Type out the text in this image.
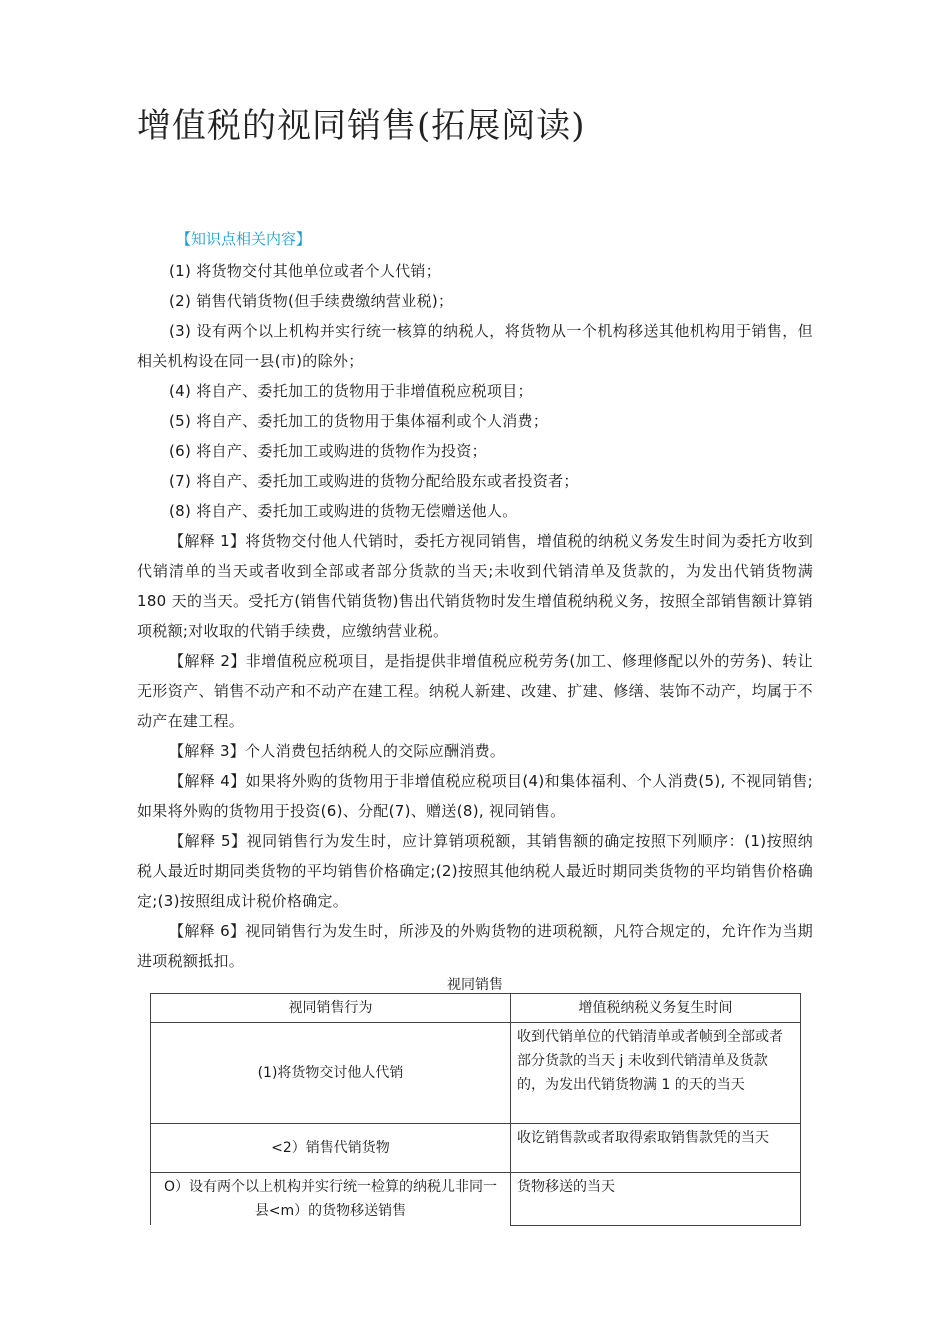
增值税的视同销售(拓展阅读)
【知识点相关内容】

(1) 将货物交付其他单位或者个人代销；

(2) 销售代销货物(但手续费缴纳营业税)；

(3) 设有两个以上机构并实行统一核算的纳税人，将货物从一个机构移送其他机构用于销售，但相关机构设在同一县(市)的除外；

(4) 将自产、委托加工的货物用于非增值税应税项目；

(5) 将自产、委托加工的货物用于集体福利或个人消费；

(6) 将自产、委托加工或购进的货物作为投资；

(7) 将自产、委托加工或购进的货物分配给股东或者投资者；

(8) 将自产、委托加工或购进的货物无偿赠送他人。

【解释 1】将货物交付他人代销时，委托方视同销售，增值税的纳税义务发生时间为委托方收到代销清单的当天或者收到全部或者部分货款的当天;未收到代销清单及货款的，为发出代销货物满 180 天的当天。受托方(销售代销货物)售出代销货物时发生增值税纳税义务，按照全部销售额计算销项税额;对收取的代销手续费，应缴纳营业税。

【解释 2】非增值税应税项目，是指提供非增值税应税劳务(加工、修理修配以外的劳务)、转让无形资产、销售不动产和不动产在建工程。纳税人新建、改建、扩建、修缮、装饰不动产，均属于不动产在建工程。

【解释 3】个人消费包括纳税人的交际应酬消费。

【解释 4】如果将外购的货物用于非增值税应税项目(4)和集体福利、个人消费(5), 不视同销售;如果将外购的货物用于投资(6)、分配(7)、赠送(8), 视同销售。

【解释 5】视同销售行为发生时，应计算销项税额，其销售额的确定按照下列顺序：(1)按照纳税人最近时期同类货物的平均销售价格确定;(2)按照其他纳税人最近时期同类货物的平均销售价格确定;(3)按照组成计税价格确定。

【解释 6】视同销售行为发生时，所涉及的外购货物的进项税额，凡符合规定的，允许作为当期进项税额抵扣。

视同销售
视同销售行为	增值税纳税义务复生时间
(1)将货物交讨他人代销	收到代销单位的代销清单或者帧到全部或者部分货款的当天 j 未收到代销清单及货款的，为发出代销货物满 1 的天的当天
<2）销售代销货物	收讫销售款或者取得索取销售款凭的当天
O）设有两个以上机构并实行统一检算的纳税儿非同一县<m）的货物移送销售	货物移送的当天
